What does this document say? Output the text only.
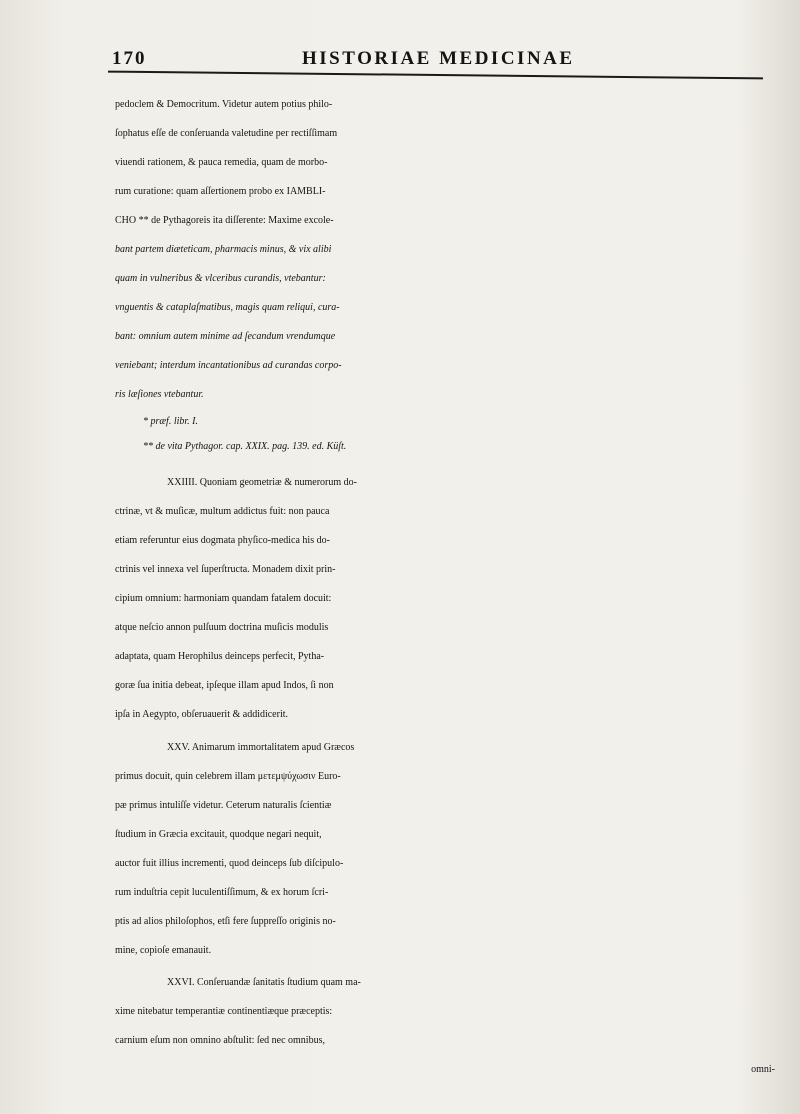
170	HISTORIAE MEDICINAE
pedoclem & Democritum. Videtur autem potius philo-
ſophatus eſſe de conſeruanda valetudine per rectiſſimam
viuendi rationem, & pauca remedia, quam de morbo-
rum curatione: quam aſſertionem probo ex IAMBLI-
CHO ** de Pythagoreis ita diſſerente: Maxime excole-
bant partem diæteticam, pharmacis minus, & vix alibi
quam in vulneribus & vlceribus curandis, vtebantur:
vnguentis & cataplaſmatibus, magis quam reliqui, cura-
bant: omnium autem minime ad ſecandum vrendumque
veniebant; interdum incantationibus ad curandas corpo-
ris læſiones vtebantur.
* præf. libr. I.
** de vita Pythagor. cap. XXIX. pag. 139. ed. Küſt.
XXIIII. Quoniam geometriæ & numerorum do-
ctrinæ, vt & muſicæ, multum addictus fuit: non pauca
etiam referuntur eius dogmata phyſico-medica his do-
ctrinis vel innexa vel ſuperſtructa. Monadem dixit prin-
cipium omnium: harmoniam quandam fatalem docuit:
atque neſcio annon pulſuum doctrina muſicis modulis
adaptata, quam Herophilus deinceps perfecit, Pytha-
goræ ſua initia debeat, ipſeque illam apud Indos, ſi non
ipſa in Aegypto, obſeruauerit & addidicerit.
XXV. Animarum immortalitatem apud Græcos
primus docuit, quin celebrem illam μετεμψύχωσιν Euro-
pæ primus intuliſſe videtur. Ceterum naturalis ſcientiæ
ſtudium in Græcia excitauit, quodque negari nequit,
auctor fuit illius incrementi, quod deinceps ſub diſcipulo-
rum induſtria cepit luculentiſſimum, & ex horum ſcri-
ptis ad alios philoſophos, etſi fere ſuppreſſo originis no-
mine, copioſe emanauit.
XXVI. Conſeruandæ ſanitatis ſtudium quam ma-
xime nitebatur temperantiæ continentiæque præceptis:
carnium eſum non omnino abſtulit: ſed nec omnibus,
omni-
